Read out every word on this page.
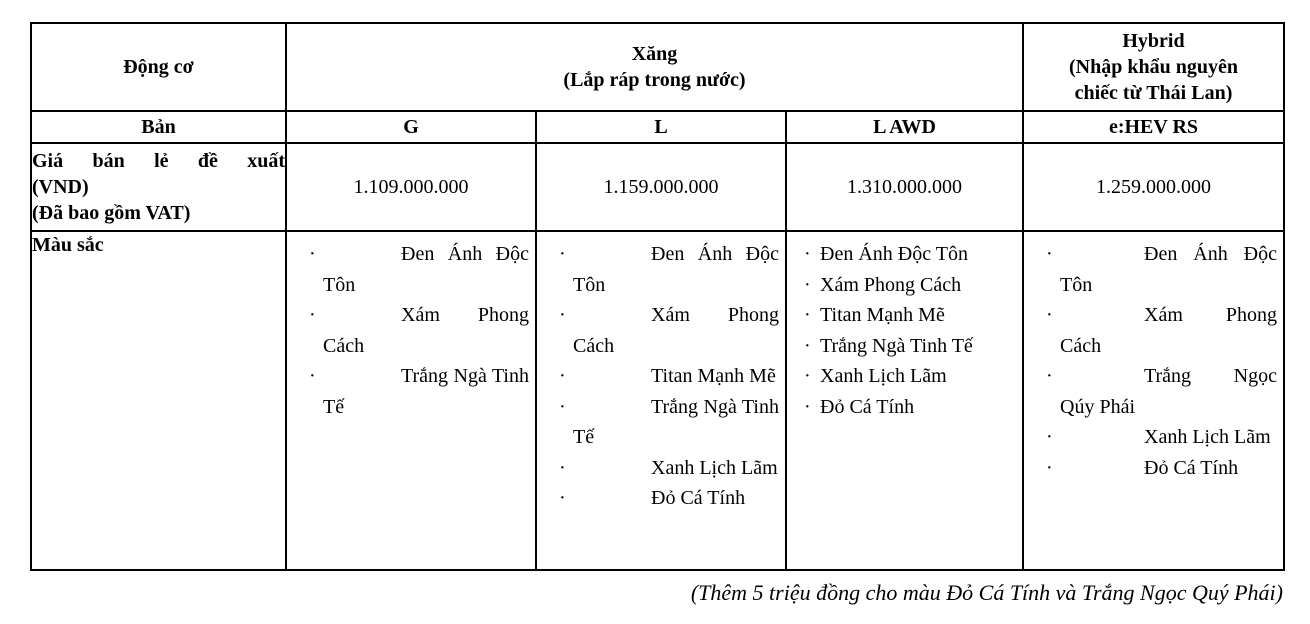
Động cơ

Xăng
(Lắp ráp trong nước)

Hybrid
(Nhập khẩu nguyên
chiếc từ Thái Lan)

Bản	G	L	L AWD	e:HEV RS

Giá bán lẻ đề xuất
(VND)
(Đã bao gồm VAT)	1.109.000.000	1.159.000.000	1.310.000.000	1.259.000.000

Màu sắc	·	Đen Ánh Độc Tôn
·	Xám Phong Cách
·	Trắng Ngà Tinh Tế

·	Đen Ánh Độc Tôn
·	Xám Phong Cách
·	Titan Mạnh Mẽ
·	Trắng Ngà Tinh Tế
·	Xanh Lịch Lãm
·	Đỏ Cá Tính

· Đen Ánh Độc Tôn
· Xám Phong Cách
· Titan Mạnh Mẽ
· Trắng Ngà Tinh Tế
· Xanh Lịch Lãm
· Đỏ Cá Tính

·	Đen Ánh Độc Tôn
·	Xám Phong Cách
·	Trắng Ngọc Qúy Phái
·	Xanh Lịch Lãm
·	Đỏ Cá Tính
(Thêm 5 triệu đồng cho màu Đỏ Cá Tính và Trắng Ngọc Quý Phái)
